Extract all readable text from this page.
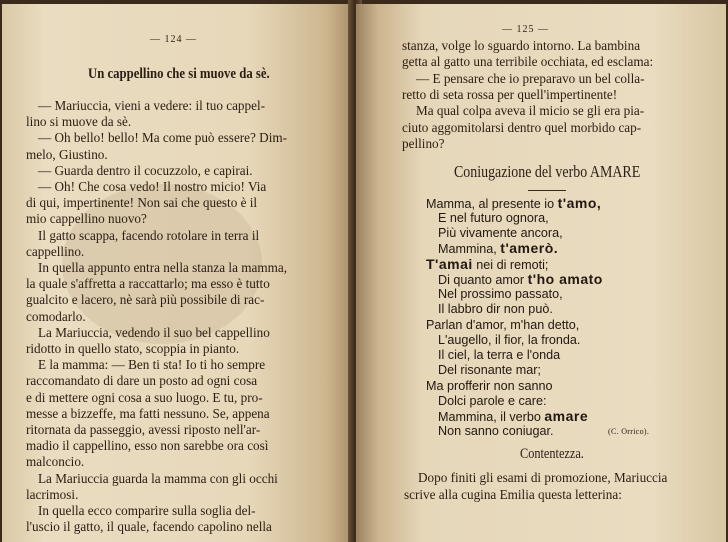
— 124 —
Un cappellino che si muove da sè.
— Mariuccia, vieni a vedere: il tuo cappel-
lino si muove da sè.
— Oh bello! bello! Ma come può essere? Dim-
melo, Giustino.
— Guarda dentro il cocuzzolo, e capirai.
— Oh! Che cosa vedo! Il nostro micio! Via
di qui, impertinente! Non sai che questo è il
mio cappellino nuovo?
Il gatto scappa, facendo rotolare in terra il
cappellino.
In quella appunto entra nella stanza la mamma,
la quale s'affretta a raccattarlo; ma esso è tutto
gualcito e lacero, nè sarà più possibile di rac-
comodarlo.
La Mariuccia, vedendo il suo bel cappellino
ridotto in quello stato, scoppia in pianto.
E la mamma: — Ben ti sta! Io ti ho sempre
raccomandato di dare un posto ad ogni cosa
e di mettere ogni cosa a suo luogo. E tu, pro-
messe a bizzeffe, ma fatti nessuno. Se, appena
ritornata da passeggio, avessi riposto nell'ar-
madio il cappellino, esso non sarebbe ora così
malconcio.
La Mariuccia guarda la mamma con gli occhi
lacrimosi.
In quella ecco comparire sulla soglia del-
l'uscio il gatto, il quale, facendo capolino nella
— 125 —
stanza, volge lo sguardo intorno. La bambina
getta al gatto una terribile occhiata, ed esclama:
— E pensare che io preparavo un bel colla-
retto di seta rossa per quell'impertinente!
Ma qual colpa aveva il micio se gli era pia-
ciuto aggomitolarsi dentro quel morbido cap-
pellino?
Coniugazione del verbo AMARE
Mamma, al presente io t'amo,
E nel futuro ognora,
Più vivamente ancora,
Mammina, t'amerò.
T'amai nei di remoti;
Di quanto amor t'ho amato
Nel prossimo passato,
Il labbro dir non può.
Parlan d'amor, m'han detto,
L'augello, il fior, la fronda.
Il ciel, la terra e l'onda
Del risonante mar;
Ma profferir non sanno
Dolci parole e care:
Mammina, il verbo amare
Non sanno coniugar.	(C. Orrico).
Contentezza.
Dopo finiti gli esami di promozione, Mariuccia
scrive alla cugina Emilia questa letterina:
